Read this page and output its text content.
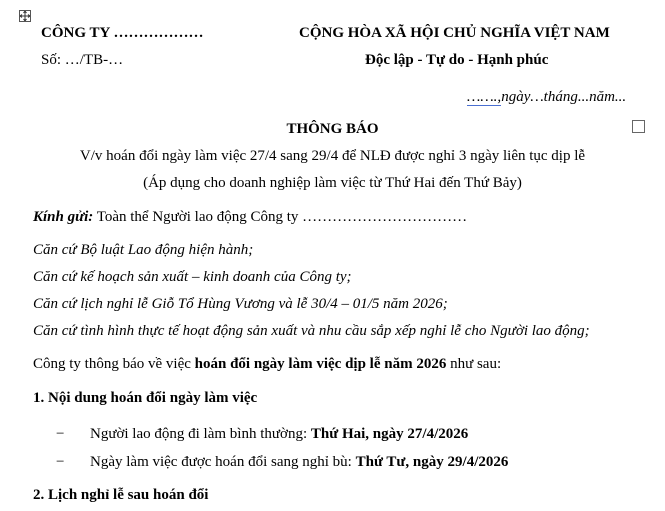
CÔNG TY ………………
Số: …/TB-…
CỘNG HÒA XÃ HỘI CHỦ NGHĨA VIỆT NAM
Độc lập - Tự do - Hạnh phúc
…….,ngày…tháng...năm...
THÔNG BÁO
V/v hoán đổi ngày làm việc 27/4 sang 29/4 để NLĐ được nghỉ 3 ngày liên tục dịp lễ
(Áp dụng cho doanh nghiệp làm việc từ Thứ Hai đến Thứ Bảy)
Kính gửi: Toàn thể Người lao động Công ty ……………………………
Căn cứ Bộ luật Lao động hiện hành;
Căn cứ kế hoạch sản xuất – kinh doanh của Công ty;
Căn cứ lịch nghỉ lễ Giỗ Tổ Hùng Vương và lễ 30/4 – 01/5 năm 2026;
Căn cứ tình hình thực tế hoạt động sản xuất và nhu cầu sắp xếp nghỉ lễ cho Người lao động;
Công ty thông báo về việc hoán đổi ngày làm việc dịp lễ năm 2026 như sau:
1. Nội dung hoán đổi ngày làm việc
− Người lao động đi làm bình thường: Thứ Hai, ngày 27/4/2026
− Ngày làm việc được hoán đổi sang nghỉ bù: Thứ Tư, ngày 29/4/2026
2. Lịch nghỉ lễ sau hoán đổi
